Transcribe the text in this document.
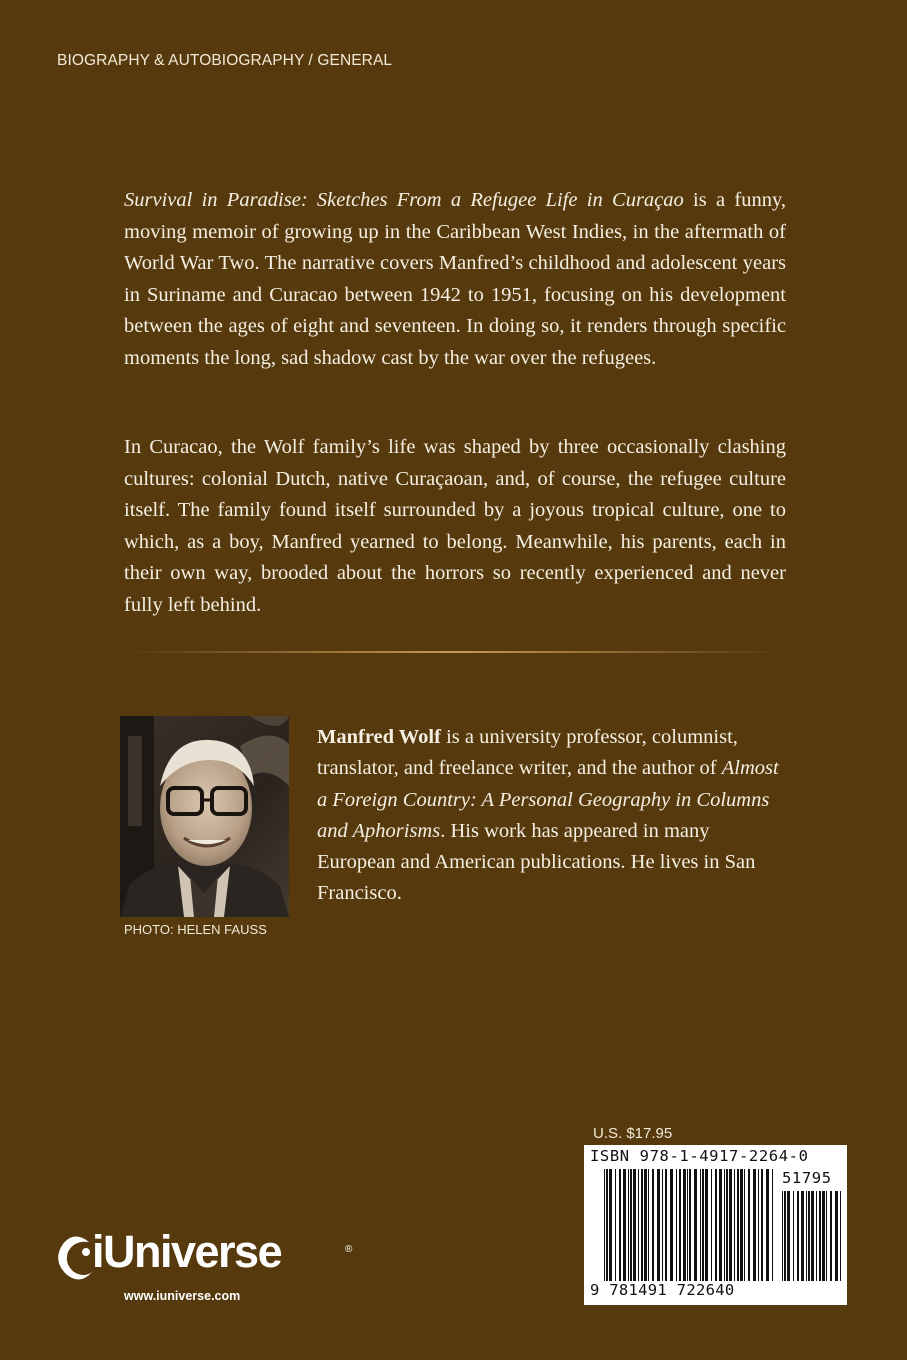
BIOGRAPHY & AUTOBIOGRAPHY / GENERAL

Survival in Paradise: Sketches From a Refugee Life in Curaçao is a funny, moving memoir of growing up in the Caribbean West Indies, in the aftermath of World War Two. The narrative covers Manfred’s childhood and adolescent years in Suriname and Curacao between 1942 to 1951, focusing on his development between the ages of eight and seventeen. In doing so, it renders through specific moments the long, sad shadow cast by the war over the refugees.

In Curacao, the Wolf family’s life was shaped by three occasionally clashing cultures: colonial Dutch, native Curaçaoan, and, of course, the refugee culture itself. The family found itself surrounded by a joyous tropical culture, one to which, as a boy, Manfred yearned to belong. Meanwhile, his parents, each in their own way, brooded about the horrors so recently experienced and never fully left behind.

PHOTO: HELEN FAUSS

Manfred Wolf is a university professor, columnist, translator, and freelance writer, and the author of Almost a Foreign Country: A Personal Geography in Columns and Aphorisms. His work has appeared in many European and American publications. He lives in San Francisco.

U.S. $17.95
ISBN 978-1-4917-2264-0
51795
9 781491 722640
iUniverse	®
www.iuniverse.com
